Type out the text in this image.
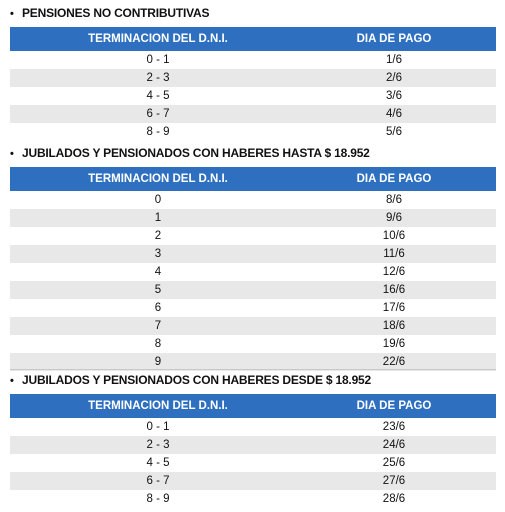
• PENSIONES NO CONTRIBUTIVAS
TERMINACION DEL D.N.I.	DIA DE PAGO
0 - 1	1/6
2 - 3	2/6
4 - 5	3/6
6 - 7	4/6
8 - 9	5/6
• JUBILADOS Y PENSIONADOS CON HABERES HASTA $ 18.952
TERMINACION DEL D.N.I.	DIA DE PAGO
0	8/6
1	9/6
2	10/6
3	11/6
4	12/6
5	16/6
6	17/6
7	18/6
8	19/6
9	22/6
• JUBILADOS Y PENSIONADOS CON HABERES DESDE $ 18.952
TERMINACION DEL D.N.I.	DIA DE PAGO
0 - 1	23/6
2 - 3	24/6
4 - 5	25/6
6 - 7	27/6
8 - 9	28/6
